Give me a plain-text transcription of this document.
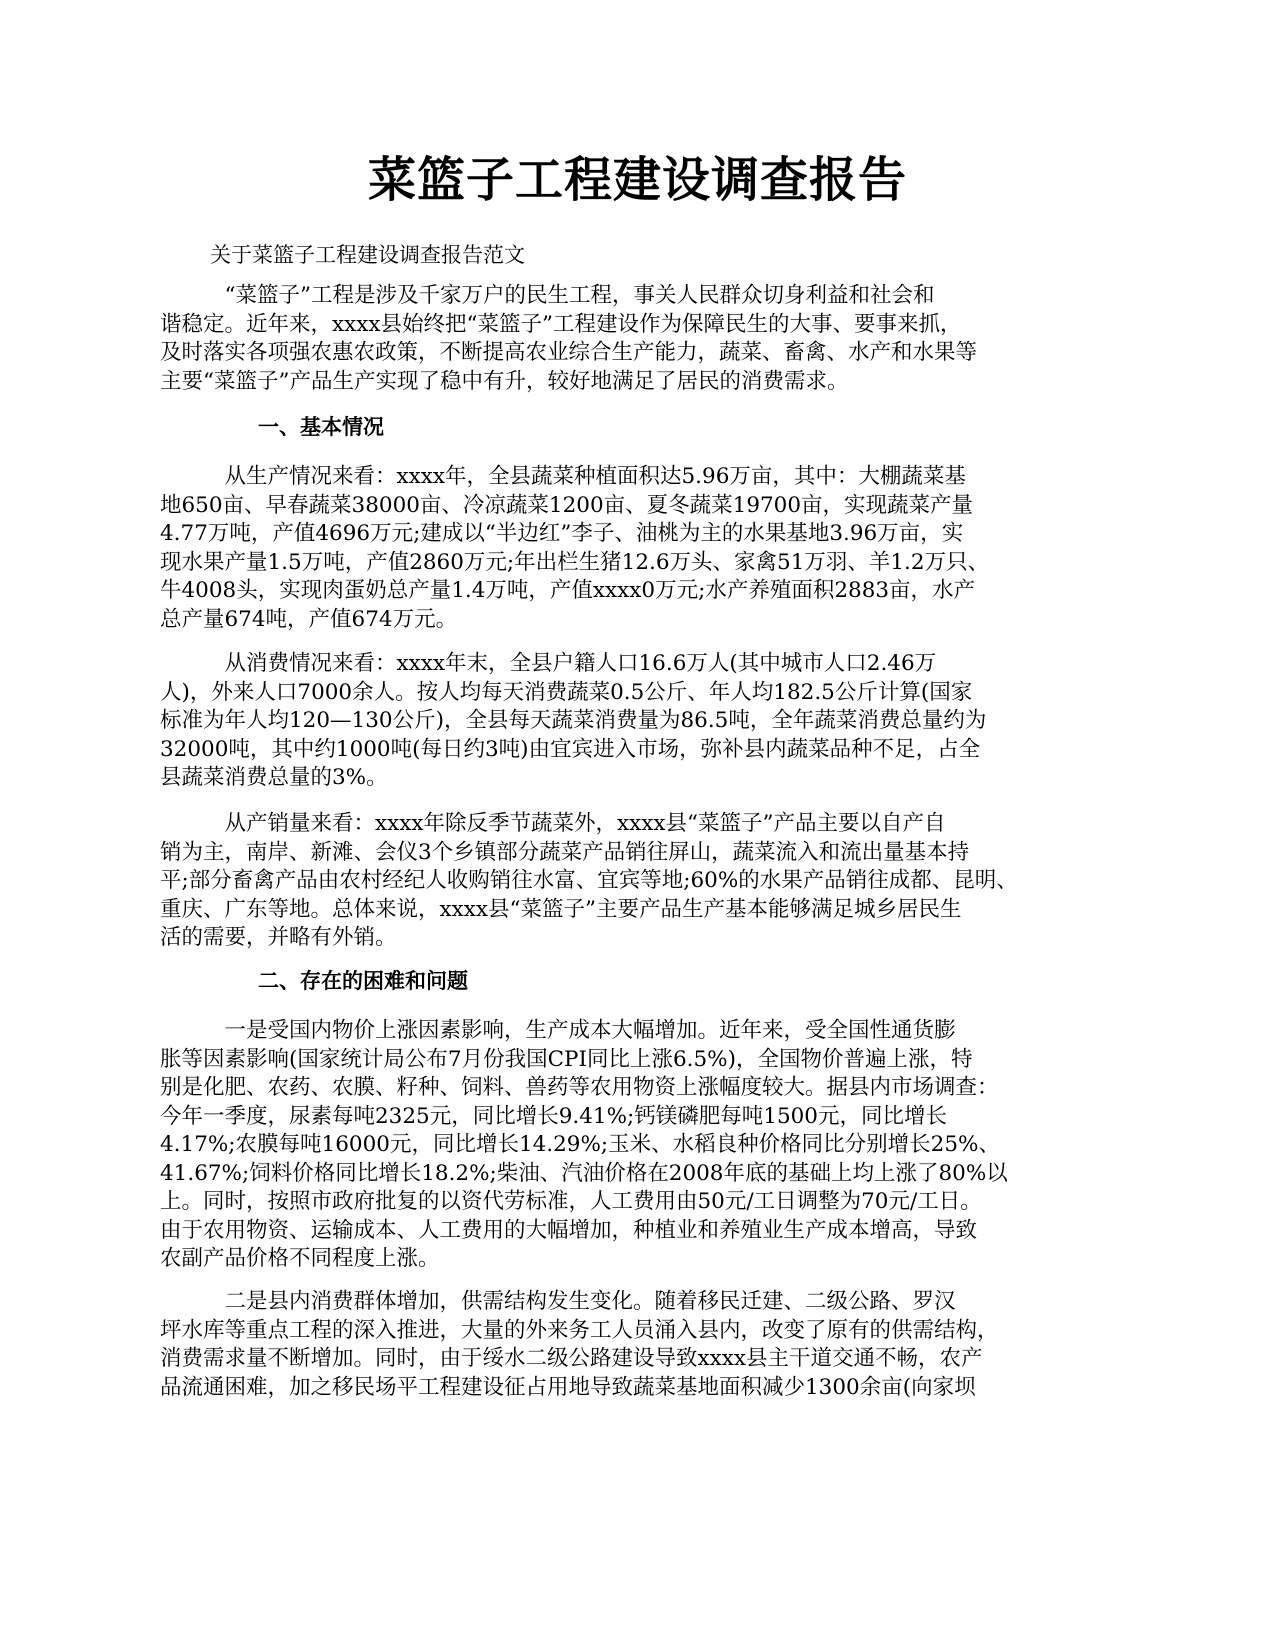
菜篮子工程建设调查报告
关于菜篮子工程建设调查报告范文
　　　“菜篮子”工程是涉及千家万户的民生工程，事关人民群众切身利益和社会和
谐稳定。近年来，xxxx县始终把“菜篮子”工程建设作为保障民生的大事、要事来抓，
及时落实各项强农惠农政策，不断提高农业综合生产能力，蔬菜、畜禽、水产和水果等
主要“菜篮子”产品生产实现了稳中有升，较好地满足了居民的消费需求。
一、基本情况
　　　从生产情况来看：xxxx年，全县蔬菜种植面积达5.96万亩，其中：大棚蔬菜基
地650亩、早春蔬菜38000亩、冷凉蔬菜1200亩、夏冬蔬菜19700亩，实现蔬菜产量
4.77万吨，产值4696万元;建成以“半边红”李子、油桃为主的水果基地3.96万亩，实
现水果产量1.5万吨，产值2860万元;年出栏生猪12.6万头、家禽51万羽、羊1.2万只、
牛4008头，实现肉蛋奶总产量1.4万吨，产值xxxx0万元;水产养殖面积2883亩，水产
总产量674吨，产值674万元。
　　　从消费情况来看：xxxx年末，全县户籍人口16.6万人(其中城市人口2.46万
人)，外来人口7000余人。按人均每天消费蔬菜0.5公斤、年人均182.5公斤计算(国家
标准为年人均120—130公斤)，全县每天蔬菜消费量为86.5吨，全年蔬菜消费总量约为
32000吨，其中约1000吨(每日约3吨)由宜宾进入市场，弥补县内蔬菜品种不足，占全
县蔬菜消费总量的3%。
　　　从产销量来看：xxxx年除反季节蔬菜外，xxxx县“菜篮子”产品主要以自产自
销为主，南岸、新滩、会仪3个乡镇部分蔬菜产品销往屏山，蔬菜流入和流出量基本持
平;部分畜禽产品由农村经纪人收购销往水富、宜宾等地;60%的水果产品销往成都、昆明、
重庆、广东等地。总体来说，xxxx县“菜篮子”主要产品生产基本能够满足城乡居民生
活的需要，并略有外销。
二、存在的困难和问题
　　　一是受国内物价上涨因素影响，生产成本大幅增加。近年来，受全国性通货膨
胀等因素影响(国家统计局公布7月份我国CPI同比上涨6.5%)，全国物价普遍上涨，特
别是化肥、农药、农膜、籽种、饲料、兽药等农用物资上涨幅度较大。据县内市场调查：
今年一季度，尿素每吨2325元，同比增长9.41%;钙镁磷肥每吨1500元，同比增长
4.17%;农膜每吨16000元，同比增长14.29%;玉米、水稻良种价格同比分别增长25%、
41.67%;饲料价格同比增长18.2%;柴油、汽油价格在2008年底的基础上均上涨了80%以
上。同时，按照市政府批复的以资代劳标准，人工费用由50元/工日调整为70元/工日。
由于农用物资、运输成本、人工费用的大幅增加，种植业和养殖业生产成本增高，导致
农副产品价格不同程度上涨。
　　　二是县内消费群体增加，供需结构发生变化。随着移民迁建、二级公路、罗汉
坪水库等重点工程的深入推进，大量的外来务工人员涌入县内，改变了原有的供需结构，
消费需求量不断增加。同时，由于绥水二级公路建设导致xxxx县主干道交通不畅，农产
品流通困难，加之移民场平工程建设征占用地导致蔬菜基地面积减少1300余亩(向家坝
